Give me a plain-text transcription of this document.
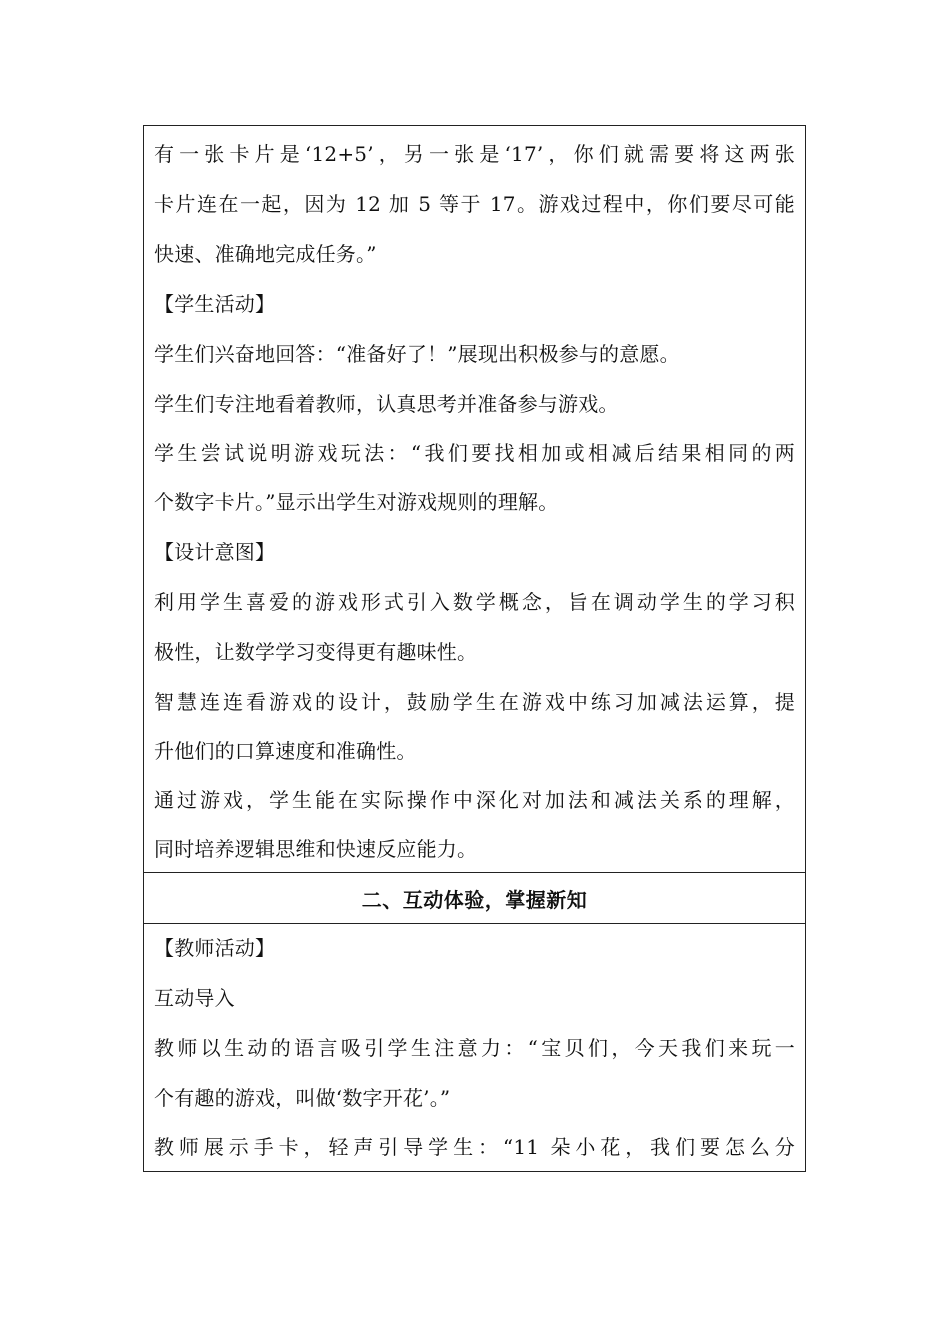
有一张卡片是‘12+5’，另一张是‘17’，你们就需要将这两张
卡片连在一起，因为 12 加 5 等于 17。游戏过程中，你们要尽可能
快速、准确地完成任务。”
【学生活动】
学生们兴奋地回答：“准备好了！”展现出积极参与的意愿。
学生们专注地看着教师，认真思考并准备参与游戏。
学生尝试说明游戏玩法：“我们要找相加或相减后结果相同的两
个数字卡片。”显示出学生对游戏规则的理解。
【设计意图】
利用学生喜爱的游戏形式引入数学概念，旨在调动学生的学习积
极性，让数学学习变得更有趣味性。
智慧连连看游戏的设计，鼓励学生在游戏中练习加减法运算，提
升他们的口算速度和准确性。
通过游戏，学生能在实际操作中深化对加法和减法关系的理解，
同时培养逻辑思维和快速反应能力。
二、互动体验，掌握新知
【教师活动】
互动导入
教师以生动的语言吸引学生注意力：“宝贝们，今天我们来玩一
个有趣的游戏，叫做‘数字开花’。”
教师展示手卡，轻声引导学生：“11 朵小花，我们要怎么分
